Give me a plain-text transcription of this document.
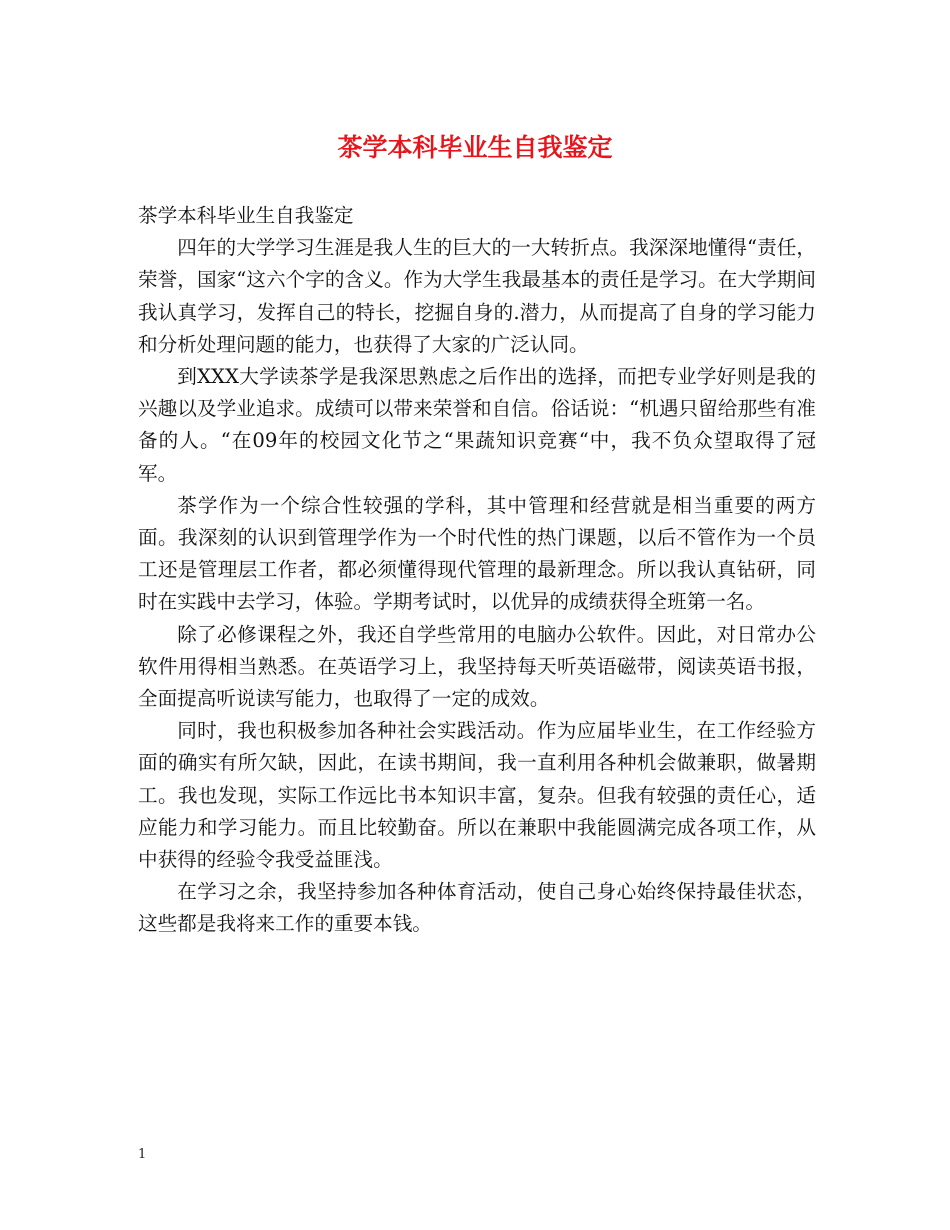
茶学本科毕业生自我鉴定

茶学本科毕业生自我鉴定

四年的大学学习生涯是我人生的巨大的一大转折点。我深深地懂得“责任，荣誉，国家“这六个字的含义。作为大学生我最基本的责任是学习。在大学期间我认真学习，发挥自己的特长，挖掘自身的.潜力，从而提高了自身的学习能力和分析处理问题的能力，也获得了大家的广泛认同。

到XXX大学读茶学是我深思熟虑之后作出的选择，而把专业学好则是我的兴趣以及学业追求。成绩可以带来荣誉和自信。俗话说：“机遇只留给那些有准备的人。“在09年的校园文化节之“果蔬知识竞赛“中，我不负众望取得了冠军。

茶学作为一个综合性较强的学科，其中管理和经营就是相当重要的两方面。我深刻的认识到管理学作为一个时代性的热门课题，以后不管作为一个员工还是管理层工作者，都必须懂得现代管理的最新理念。所以我认真钻研，同时在实践中去学习，体验。学期考试时，以优异的成绩获得全班第一名。

除了必修课程之外，我还自学些常用的电脑办公软件。因此，对日常办公软件用得相当熟悉。在英语学习上，我坚持每天听英语磁带，阅读英语书报，全面提高听说读写能力，也取得了一定的成效。

同时，我也积极参加各种社会实践活动。作为应届毕业生，在工作经验方面的确实有所欠缺，因此，在读书期间，我一直利用各种机会做兼职，做暑期工。我也发现，实际工作远比书本知识丰富，复杂。但我有较强的责任心，适应能力和学习能力。而且比较勤奋。所以在兼职中我能圆满完成各项工作，从中获得的经验令我受益匪浅。

在学习之余，我坚持参加各种体育活动，使自己身心始终保持最佳状态，这些都是我将来工作的重要本钱。

1
